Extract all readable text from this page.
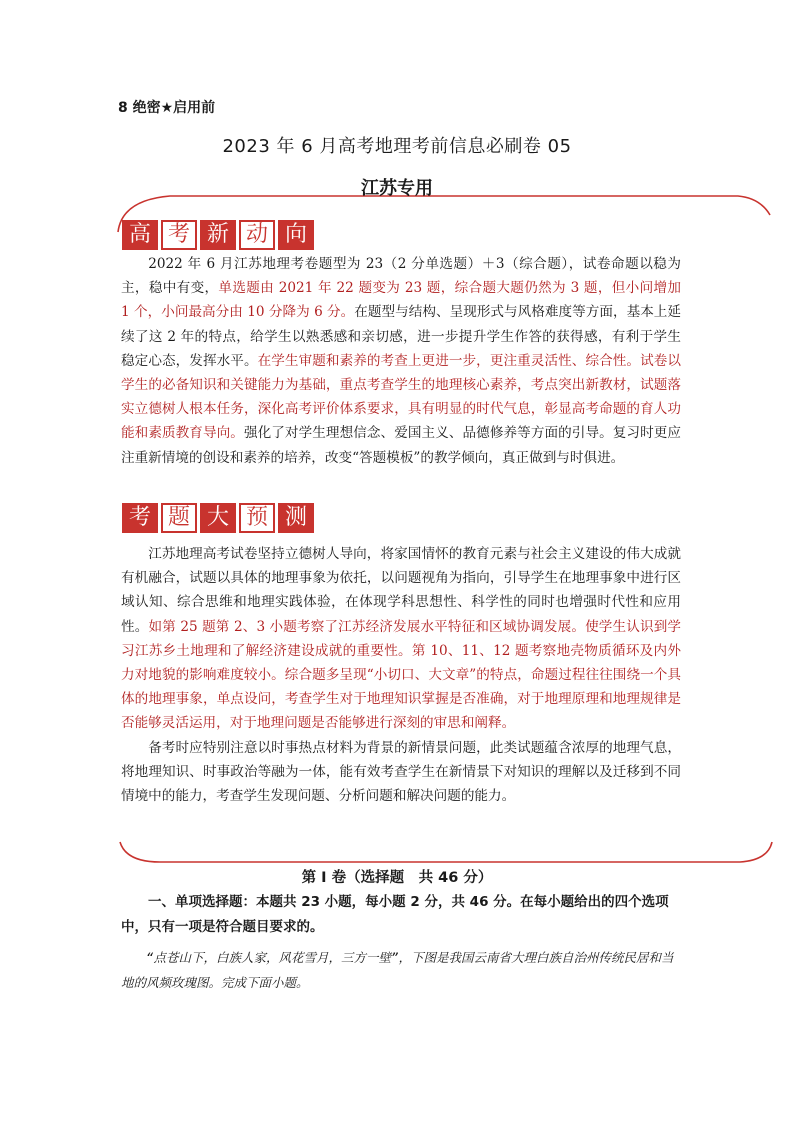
8 绝密★启用前
2023 年 6 月高考地理考前信息必刷卷 05
江苏专用
高 考 新 动 向

2022 年 6 月江苏地理考卷题型为 23（2 分单选题）＋3（综合题），试卷命题以稳为主，稳中有变，单选题由 2021 年 22 题变为 23 题，综合题大题仍然为 3 题，但小问增加 1 个，小问最高分由 10 分降为 6 分。在题型与结构、呈现形式与风格难度等方面，基本上延续了这 2 年的特点，给学生以熟悉感和亲切感，进一步提升学生作答的获得感，有利于学生稳定心态，发挥水平。在学生审题和素养的考查上更进一步，更注重灵活性、综合性。试卷以学生的必备知识和关键能力为基础，重点考查学生的地理核心素养，考点突出新教材，试题落实立德树人根本任务，深化高考评价体系要求，具有明显的时代气息，彰显高考命题的育人功能和素质教育导向。强化了对学生理想信念、爱国主义、品德修养等方面的引导。复习时更应注重新情境的创设和素养的培养，改变“答题模板”的教学倾向，真正做到与时俱进。

考 题 大 预 测

江苏地理高考试卷坚持立德树人导向，将家国情怀的教育元素与社会主义建设的伟大成就有机融合，试题以具体的地理事象为依托，以问题视角为指向，引导学生在地理事象中进行区域认知、综合思维和地理实践体验，在体现学科思想性、科学性的同时也增强时代性和应用性。如第 25 题第 2、3 小题考察了江苏经济发展水平特征和区域协调发展。使学生认识到学习江苏乡土地理和了解经济建设成就的重要性。第 10、11、12 题考察地壳物质循环及内外力对地貌的影响难度较小。综合题多呈现“小切口、大文章”的特点，命题过程往往围绕一个具体的地理事象，单点设问，考查学生对于地理知识掌握是否准确，对于地理原理和地理规律是否能够灵活运用，对于地理问题是否能够进行深刻的审思和阐释。

备考时应特别注意以时事热点材料为背景的新情景问题，此类试题蕴含浓厚的地理气息，将地理知识、时事政治等融为一体，能有效考查学生在新情景下对知识的理解以及迁移到不同情境中的能力，考查学生发现问题、分析问题和解决问题的能力。

第 I 卷（选择题　共 46 分）

一、单项选择题：本题共 23 小题，每小题 2 分，共 46 分。在每小题给出的四个选项中，只有一项是符合题目要求的。

“点苍山下，白族人家，风花雪月，三方一壁”，下图是我国云南省大理白族自治州传统民居和当地的风频玫瑰图。完成下面小题。
